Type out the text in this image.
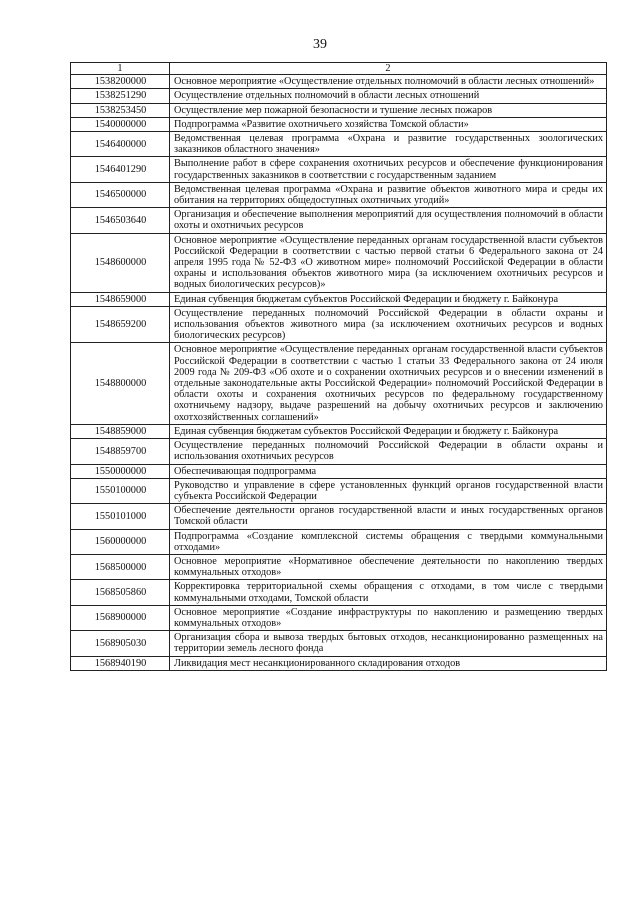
39
1	2
1538200000	Основное мероприятие «Осуществление отдельных полномочий в области лесных отношений»
1538251290	Осуществление отдельных полномочий в области лесных отношений
1538253450	Осуществление мер пожарной безопасности и тушение лесных пожаров
1540000000	Подпрограмма «Развитие охотничьего хозяйства Томской области»
1546400000	Ведомственная целевая программа «Охрана и развитие государственных зоологических заказников областного значения»
1546401290	Выполнение работ в сфере сохранения охотничьих ресурсов и обеспечение функционирования государственных заказников в соответствии с государственным заданием
1546500000	Ведомственная целевая программа «Охрана и развитие объектов животного мира и среды их обитания на территориях общедоступных охотничьих угодий»
1546503640	Организация и обеспечение выполнения мероприятий для осуществления полномочий в области охоты и охотничьих ресурсов
1548600000	Основное мероприятие «Осуществление переданных органам государственной власти субъектов Российской Федерации в соответствии с частью первой статьи 6 Федерального закона от 24 апреля 1995 года № 52-ФЗ «О животном мире» полномочий Российской Федерации в области охраны и использования объектов животного мира (за исключением охотничьих ресурсов и водных биологических ресурсов)»
1548659000	Единая субвенция бюджетам субъектов Российской Федерации и бюджету г. Байконура
1548659200	Осуществление переданных полномочий Российской Федерации в области охраны и использования объектов животного мира (за исключением охотничьих ресурсов и водных биологических ресурсов)
1548800000	Основное мероприятие «Осуществление переданных органам государственной власти субъектов Российской Федерации в соответствии с частью 1 статьи 33 Федерального закона от 24 июля 2009 года № 209-ФЗ «Об охоте и о сохранении охотничьих ресурсов и о внесении изменений в отдельные законодательные акты Российской Федерации» полномочий Российской Федерации в области охоты и сохранения охотничьих ресурсов по федеральному государственному охотничьему надзору, выдаче разрешений на добычу охотничьих ресурсов и заключению охотхозяйственных соглашений»
1548859000	Единая субвенция бюджетам субъектов Российской Федерации и бюджету г. Байконура
1548859700	Осуществление переданных полномочий Российской Федерации в области охраны и использования охотничьих ресурсов
1550000000	Обеспечивающая подпрограмма
1550100000	Руководство и управление в сфере установленных функций органов государственной власти субъекта Российской Федерации
1550101000	Обеспечение деятельности органов государственной власти и иных государственных органов Томской области
1560000000	Подпрограмма «Создание комплексной системы обращения с твердыми коммунальными отходами»
1568500000	Основное мероприятие «Нормативное обеспечение деятельности по накоплению твердых коммунальных отходов»
1568505860	Корректировка территориальной схемы обращения с отходами, в том числе с твердыми коммунальными отходами, Томской области
1568900000	Основное мероприятие «Создание инфраструктуры по накоплению и размещению твердых коммунальных отходов»
1568905030	Организация сбора и вывоза твердых бытовых отходов, несанкционированно размещенных на территории земель лесного фонда
1568940190	Ликвидация мест несанкционированного складирования отходов
